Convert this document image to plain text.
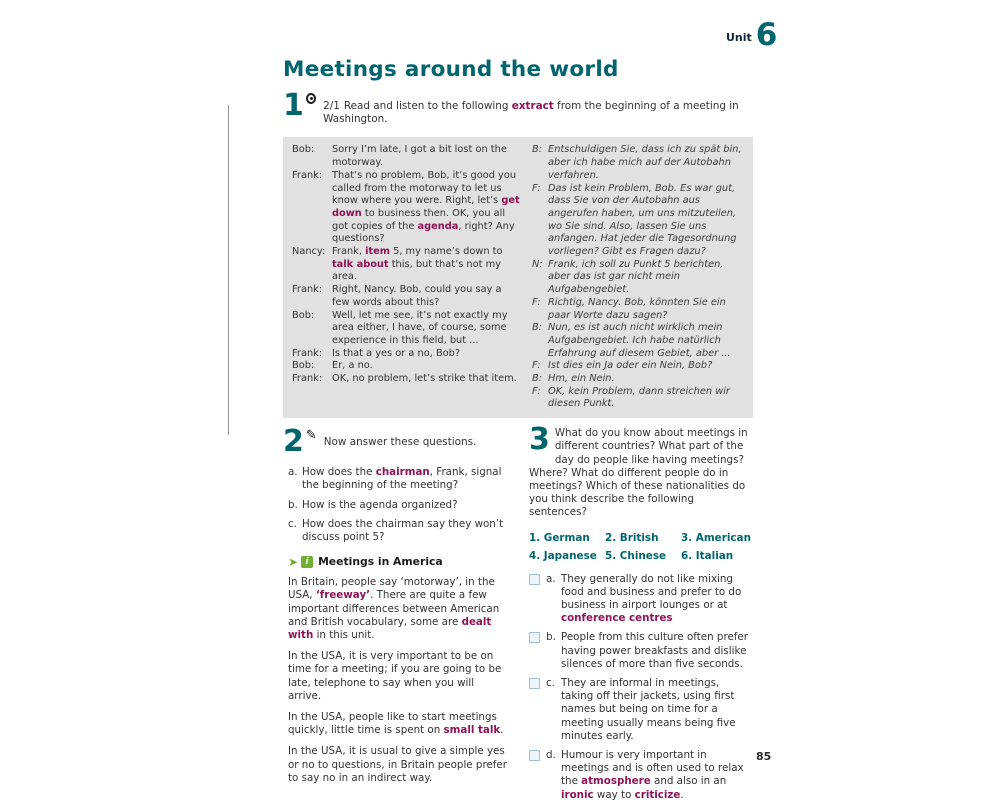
Unit 6
Meetings around the world
1 2/1 Read and listen to the following extract from the beginning of a meeting in Washington.
Bob:	Sorry I’m late, I got a bit lost on the motorway.
Frank:	That’s no problem, Bob, it’s good you called from the motorway to let us know where you were. Right, let’s get down to business then. OK, you all got copies of the agenda, right? Any questions?
Nancy: Frank, item 5, my name’s down to talk about this, but that’s not my area.
Frank:	Right, Nancy. Bob, could you say a few words about this?
Bob:	Well, let me see, it’s not exactly my area either, I have, of course, some experience in this field, but ...
Frank:	Is that a yes or a no, Bob?
Bob:	Er, a no.
Frank:	OK, no problem, let’s strike that item.
B: Entschuldigen Sie, dass ich zu spät bin, aber ich habe mich auf der Autobahn verfahren.
F: Das ist kein Problem, Bob. Es war gut, dass Sie von der Autobahn aus angerufen haben, um uns mitzuteilen, wo Sie sind. Also, lassen Sie uns anfangen. Hat jeder die Tagesordnung vorliegen? Gibt es Fragen dazu?
N: Frank, ich soll zu Punkt 5 berichten, aber das ist gar nicht mein Aufgabengebiet.
F: Richtig, Nancy. Bob, könnten Sie ein paar Worte dazu sagen?
B: Nun, es ist auch nicht wirklich mein Aufgabengebiet. Ich habe natürlich Erfahrung auf diesem Gebiet, aber ...
F: Ist dies ein Ja oder ein Nein, Bob?
B: Hm, ein Nein.
F: OK, kein Problem, dann streichen wir diesen Punkt.
2 ✎ Now answer these questions.
a. How does the chairman, Frank, signal the beginning of the meeting?
b. How is the agenda organized?
c. How does the chairman say they won’t discuss point 5?
➤ i Meetings in America
In Britain, people say ‘motorway’, in the USA, ‘freeway’. There are quite a few important differences between American and British vocabulary, some are dealt with in this unit.
In the USA, it is very important to be on time for a meeting; if you are going to be late, telephone to say when you will arrive.
In the USA, people like to start meetings quickly, little time is spent on small talk.
In the USA, it is usual to give a simple yes or no to questions, in Britain people prefer to say no in an indirect way.
3 What do you know about meetings in different countries? What part of the day do people like having meetings? Where? What do different people do in meetings? Which of these nationalities do you think describe the following sentences?
1. German	2. British	3. American
4. Japanese 5. Chinese	6. Italian
a. They generally do not like mixing food and business and prefer to do business in airport lounges or at conference centres
b. People from this culture often prefer having power breakfasts and dislike silences of more than five seconds.
c. They are informal in meetings, taking off their jackets, using first names but being on time for a meeting usually means being five minutes early.
d. Humour is very important in meetings and is often used to relax the atmosphere and also in an ironic way to criticize.
85
